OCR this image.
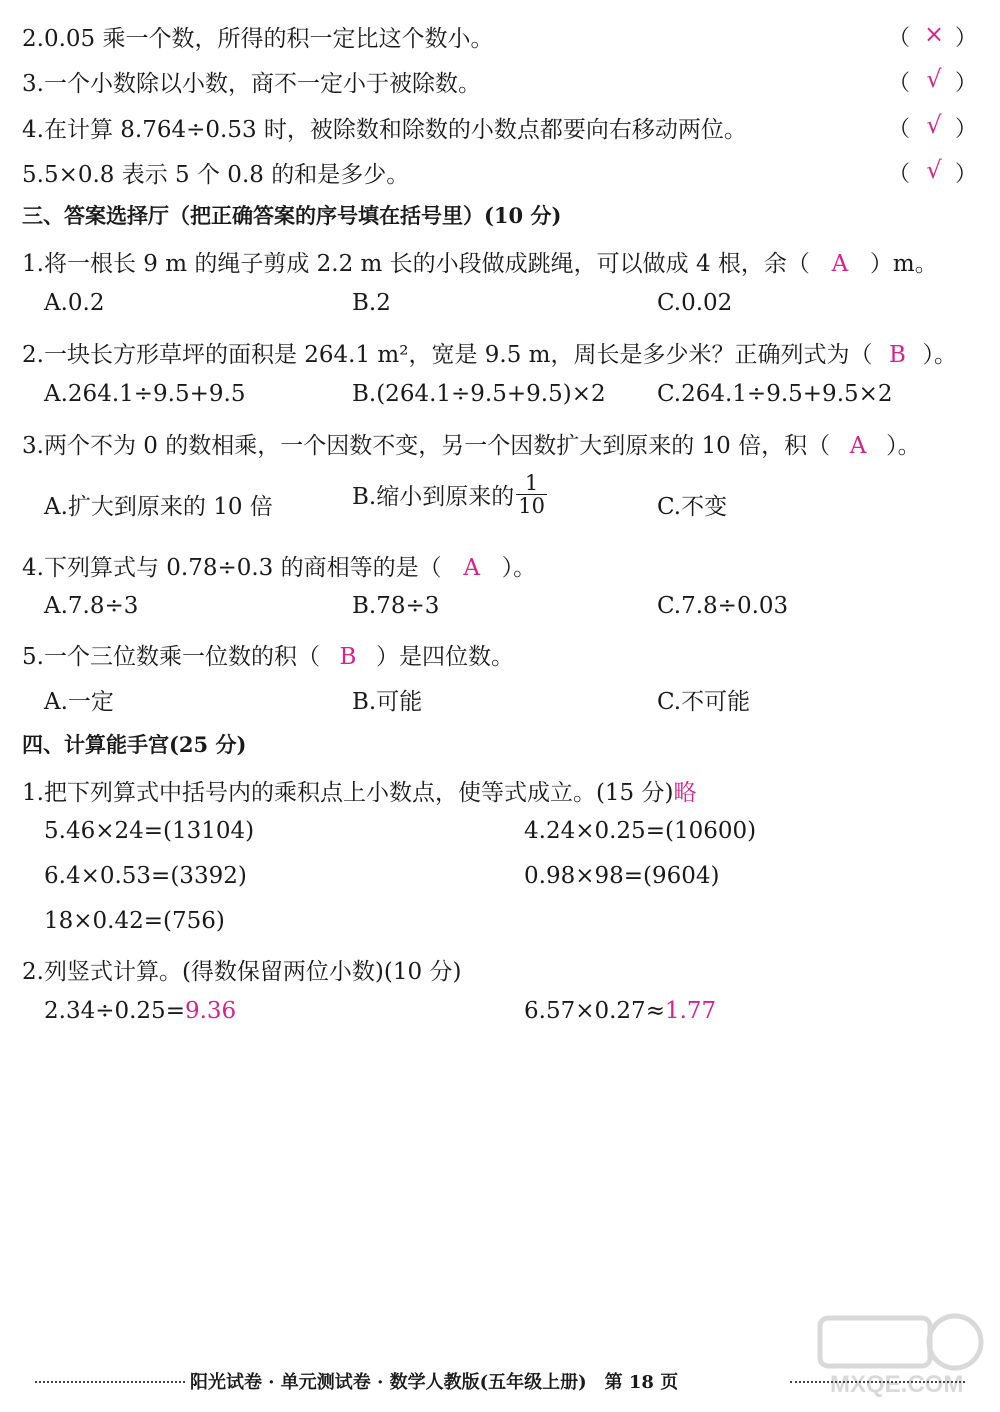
2.0.05 乘一个数，所得的积一定比这个数小。	（ × ）
3.一个小数除以小数，商不一定小于被除数。	（ √ ）
4.在计算 8.764÷0.53 时，被除数和除数的小数点都要向右移动两位。	（ √ ）
5.5×0.8 表示 5 个 0.8 的和是多少。	（ √ ）
三、答案选择厅（把正确答案的序号填在括号里）(10 分)
1.将一根长 9 m 的绳子剪成 2.2 m 长的小段做成跳绳，可以做成 4 根，余（ A ）m。
A.0.2	B.2	C.0.02
2.一块长方形草坪的面积是 264.1 m²，宽是 9.5 m，周长是多少米？正确列式为（ B ）。
A.264.1÷9.5+9.5	B.(264.1÷9.5+9.5)×2 C.264.1÷9.5+9.5×2
3.两个不为 0 的数相乘，一个因数不变，另一个因数扩大到原来的 10 倍，积（ A ）。
A.扩大到原来的 10 倍	B.缩小到原来的 $\frac{1}{10}$	C.不变
4.下列算式与 0.78÷0.3 的商相等的是（ A ）。
A.7.8÷3	B.78÷3	C.7.8÷0.03
5.一个三位数乘一位数的积（ B ）是四位数。
A.一定	B.可能	C.不可能
四、计算能手宫(25 分)
1.把下列算式中括号内的乘积点上小数点，使等式成立。(15 分)略
5.46×24=(13104)	4.24×0.25=(10600)
6.4×0.53=(3392)	0.98×98=(9604)
18×0.42=(756)
2.列竖式计算。(得数保留两位小数)(10 分)
2.34÷0.25=9.36	6.57×0.27≈1.77
MXQE.COM
阳光试卷 · 单元测试卷 · 数学人教版(五年级上册)　第 18 页
